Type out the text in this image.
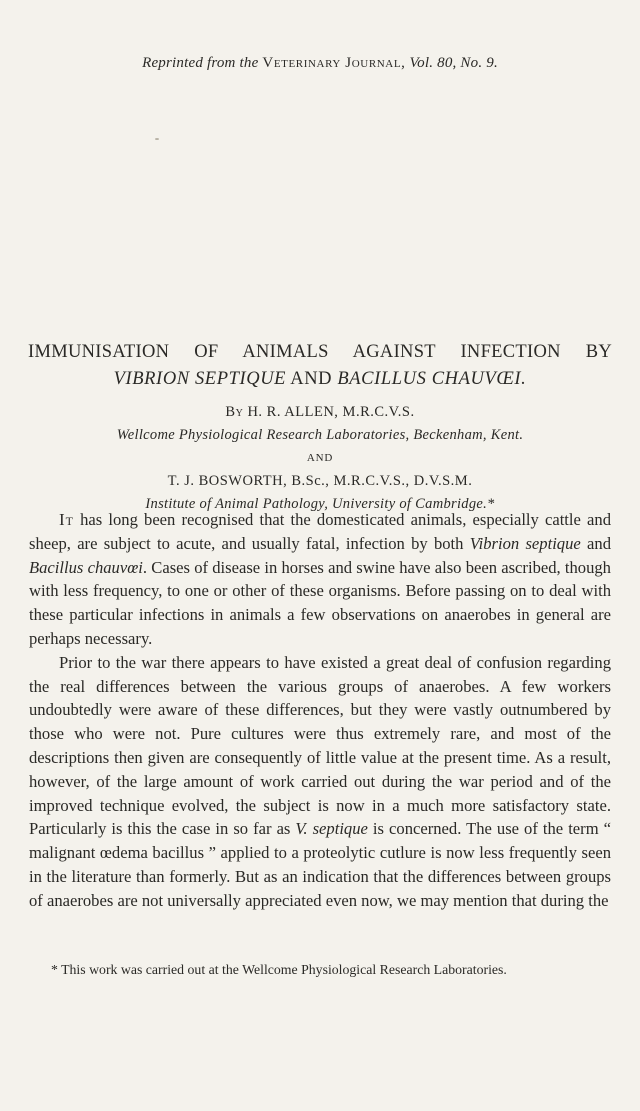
Reprinted from the Veterinary Journal, Vol. 80, No. 9.
IMMUNISATION OF ANIMALS AGAINST INFECTION BY
VIBRION SEPTIQUE AND BACILLUS CHAUVŒI.
By H. R. ALLEN, M.R.C.V.S.
Wellcome Physiological Research Laboratories, Beckenham, Kent.
AND
T. J. BOSWORTH, B.Sc., M.R.C.V.S., D.V.S.M.
Institute of Animal Pathology, University of Cambridge.*

It has long been recognised that the domesticated animals, especially cattle and sheep, are subject to acute, and usually fatal, infection by both Vibrion septique and Bacillus chauvœi. Cases of disease in horses and swine have also been ascribed, though with less frequency, to one or other of these organisms. Before passing on to deal with these particular infections in animals a few observations on anaerobes in general are perhaps necessary.

Prior to the war there appears to have existed a great deal of confusion regarding the real differences between the various groups of anaerobes. A few workers undoubtedly were aware of these differences, but they were vastly outnumbered by those who were not. Pure cultures were thus extremely rare, and most of the descriptions then given are consequently of little value at the present time. As a result, however, of the large amount of work carried out during the war period and of the improved technique evolved, the subject is now in a much more satisfactory state. Particularly is this the case in so far as V. septique is concerned. The use of the term “ malignant œdema bacillus ” applied to a proteolytic cutlure is now less frequently seen in the literature than formerly. But as an indication that the differences between groups of anaerobes are not universally appreciated even now, we may mention that during the

* This work was carried out at the Wellcome Physiological Research Laboratories.
